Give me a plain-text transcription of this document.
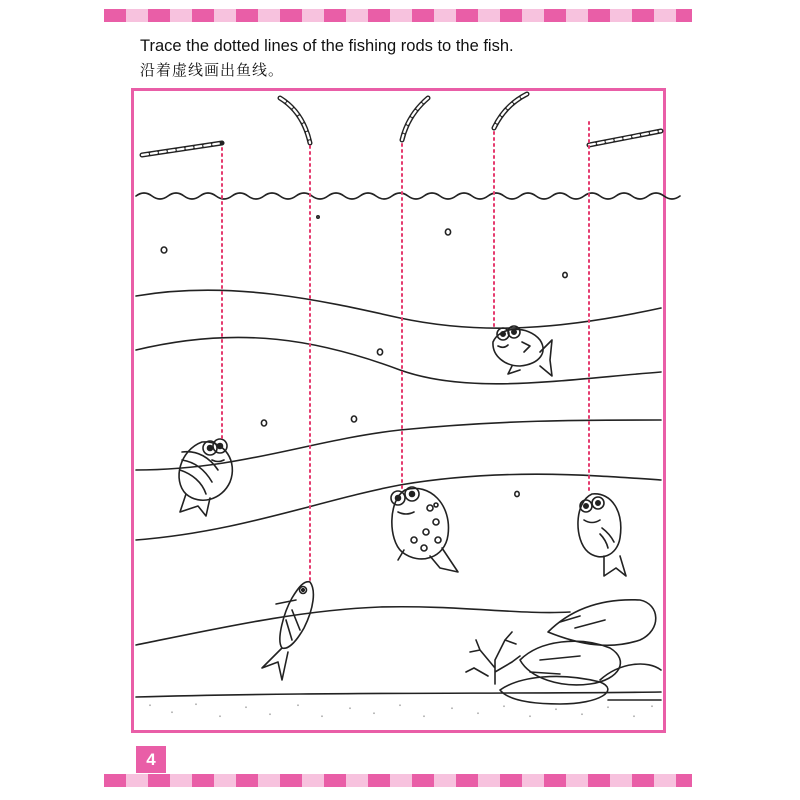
Trace the dotted lines of the fishing rods to the fish.
沿着虚线画出鱼线。
4
